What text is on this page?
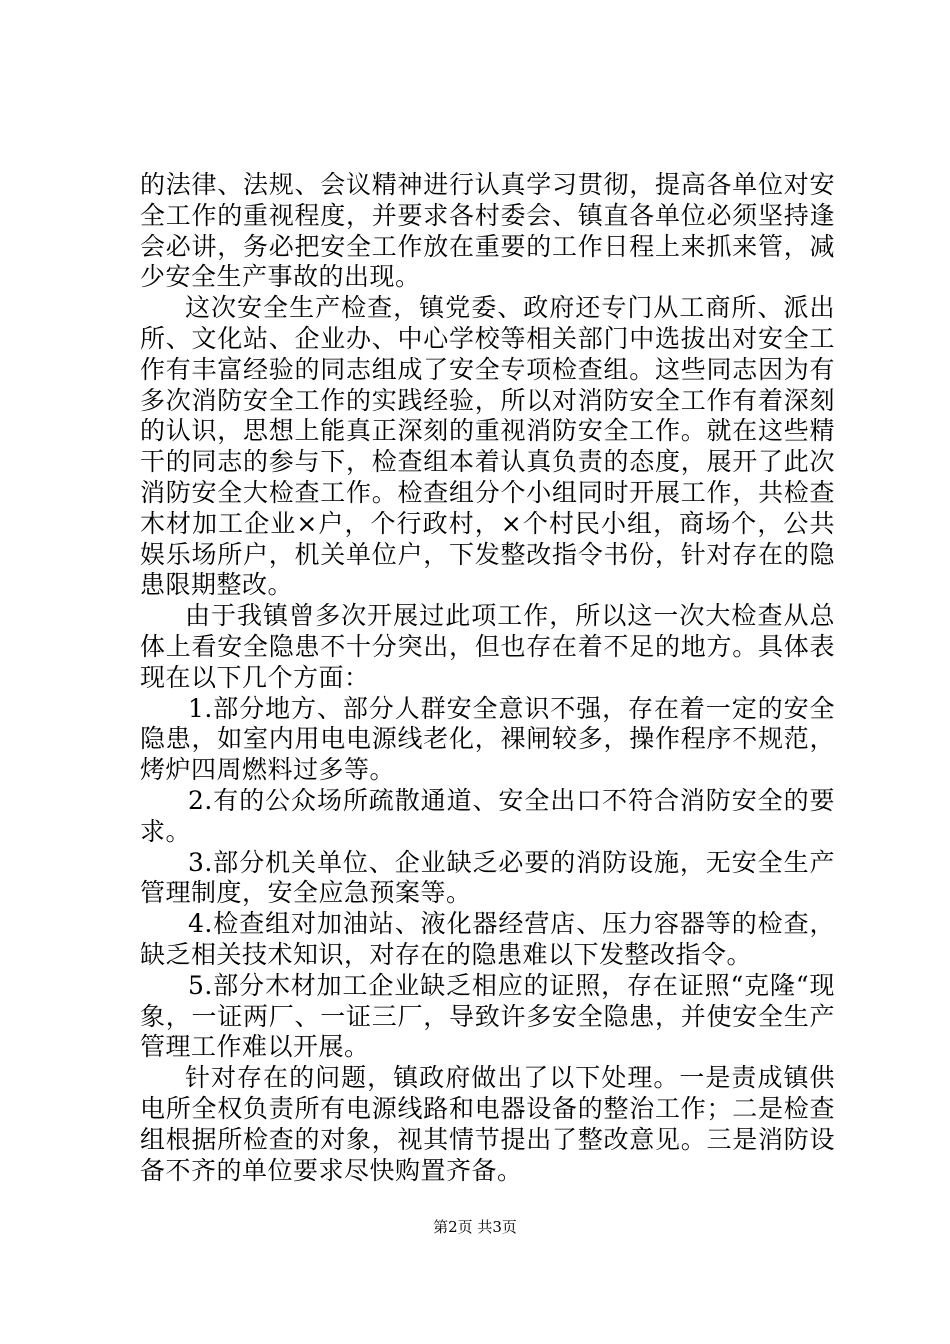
的法律、法规、会议精神进行认真学习贯彻，提高各单位对安全工作的重视程度，并要求各村委会、镇直各单位必须坚持逢会必讲，务必把安全工作放在重要的工作日程上来抓来管，减少安全生产事故的出现。

这次安全生产检查，镇党委、政府还专门从工商所、派出所、文化站、企业办、中心学校等相关部门中选拔出对安全工作有丰富经验的同志组成了安全专项检查组。这些同志因为有多次消防安全工作的实践经验，所以对消防安全工作有着深刻的认识，思想上能真正深刻的重视消防安全工作。就在这些精干的同志的参与下，检查组本着认真负责的态度，展开了此次消防安全大检查工作。检查组分个小组同时开展工作，共检查木材加工企业×户，个行政村，×个村民小组，商场个，公共娱乐场所户，机关单位户，下发整改指令书份，针对存在的隐患限期整改。

由于我镇曾多次开展过此项工作，所以这一次大检查从总体上看安全隐患不十分突出，但也存在着不足的地方。具体表现在以下几个方面：

1.部分地方、部分人群安全意识不强，存在着一定的安全隐患，如室内用电电源线老化，裸闸较多，操作程序不规范，烤炉四周燃料过多等。

2.有的公众场所疏散通道、安全出口不符合消防安全的要求。

3.部分机关单位、企业缺乏必要的消防设施，无安全生产管理制度，安全应急预案等。

4.检查组对加油站、液化器经营店、压力容器等的检查，缺乏相关技术知识，对存在的隐患难以下发整改指令。

5.部分木材加工企业缺乏相应的证照，存在证照“克隆“现象，一证两厂、一证三厂，导致许多安全隐患，并使安全生产管理工作难以开展。

针对存在的问题，镇政府做出了以下处理。一是责成镇供电所全权负责所有电源线路和电器设备的整治工作；二是检查组根据所检查的对象，视其情节提出了整改意见。三是消防设备不齐的单位要求尽快购置齐备。

第2页 共3页
